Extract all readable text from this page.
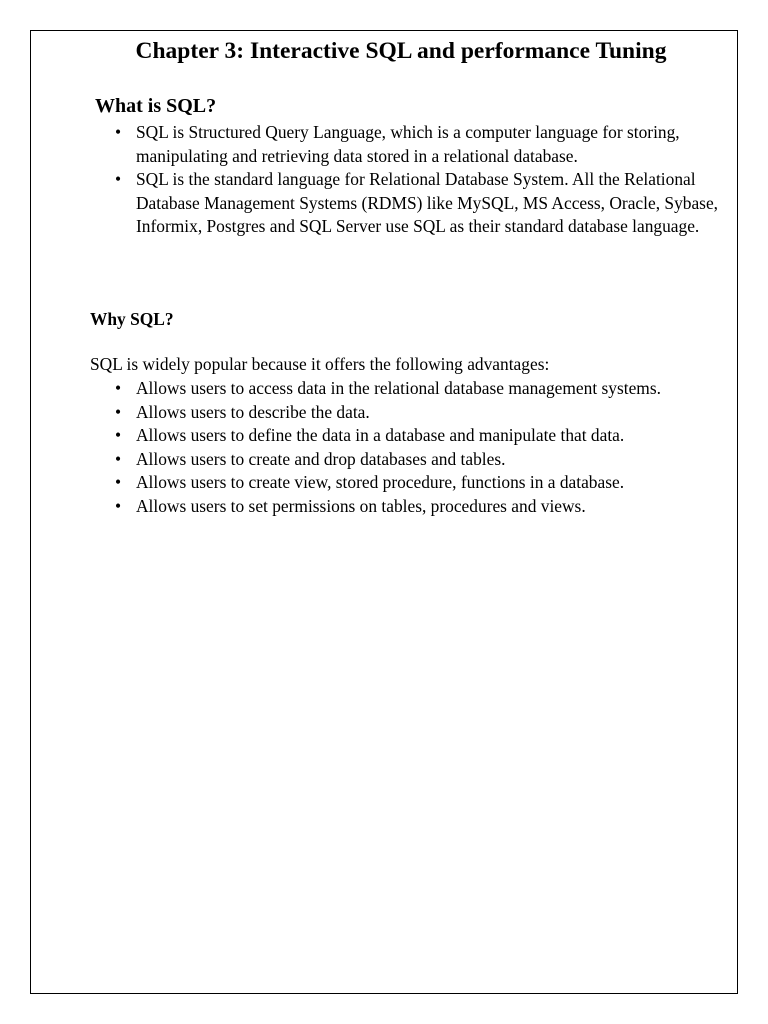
Chapter 3: Interactive SQL and performance Tuning
What is SQL?
• SQL is Structured Query Language, which is a computer language for storing, manipulating and retrieving data stored in a relational database.
• SQL is the standard language for Relational Database System. All the Relational Database Management Systems (RDMS) like MySQL, MS Access, Oracle, Sybase, Informix, Postgres and SQL Server use SQL as their standard database language.
Why SQL?

SQL is widely popular because it offers the following advantages:

• Allows users to access data in the relational database management systems.
• Allows users to describe the data.
• Allows users to define the data in a database and manipulate that data.
• Allows users to create and drop databases and tables.
• Allows users to create view, stored procedure, functions in a database.
• Allows users to set permissions on tables, procedures and views.
